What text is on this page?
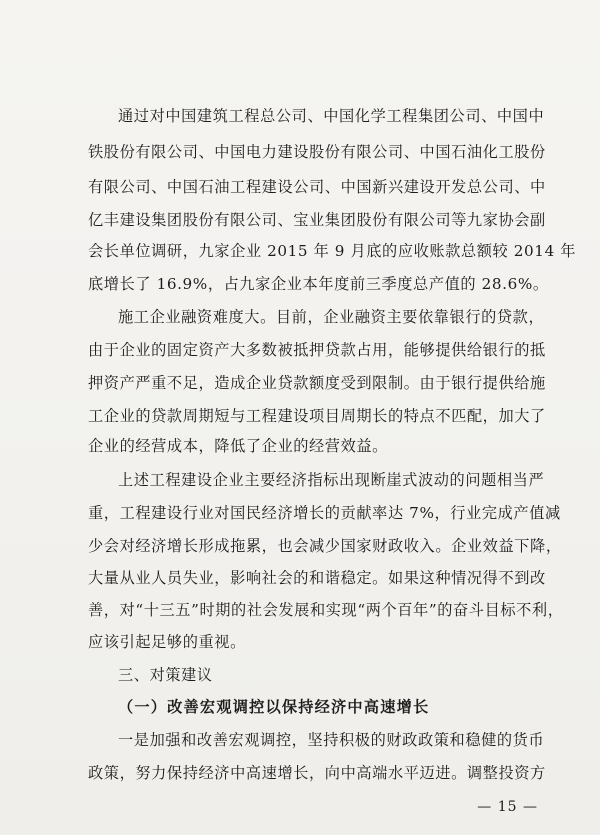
通过对中国建筑工程总公司、中国化学工程集团公司、中国中
铁股份有限公司、中国电力建设股份有限公司、中国石油化工股份
有限公司、中国石油工程建设公司、中国新兴建设开发总公司、中
亿丰建设集团股份有限公司、宝业集团股份有限公司等九家协会副
会长单位调研，九家企业 2015 年 9 月底的应收账款总额较 2014 年
底增长了 16.9%，占九家企业本年度前三季度总产值的 28.6%。
施工企业融资难度大。目前，企业融资主要依靠银行的贷款，
由于企业的固定资产大多数被抵押贷款占用，能够提供给银行的抵
押资产严重不足，造成企业贷款额度受到限制。由于银行提供给施
工企业的贷款周期短与工程建设项目周期长的特点不匹配，加大了
企业的经营成本，降低了企业的经营效益。
上述工程建设企业主要经济指标出现断崖式波动的问题相当严
重，工程建设行业对国民经济增长的贡献率达 7%，行业完成产值减
少会对经济增长形成拖累，也会减少国家财政收入。企业效益下降，
大量从业人员失业，影响社会的和谐稳定。如果这种情况得不到改
善，对“十三五”时期的社会发展和实现“两个百年”的奋斗目标不利，
应该引起足够的重视。
三、对策建议
（一）改善宏观调控以保持经济中高速增长
一是加强和改善宏观调控，坚持积极的财政政策和稳健的货币
政策，努力保持经济中高速增长，向中高端水平迈进。调整投资方
— 15 —
